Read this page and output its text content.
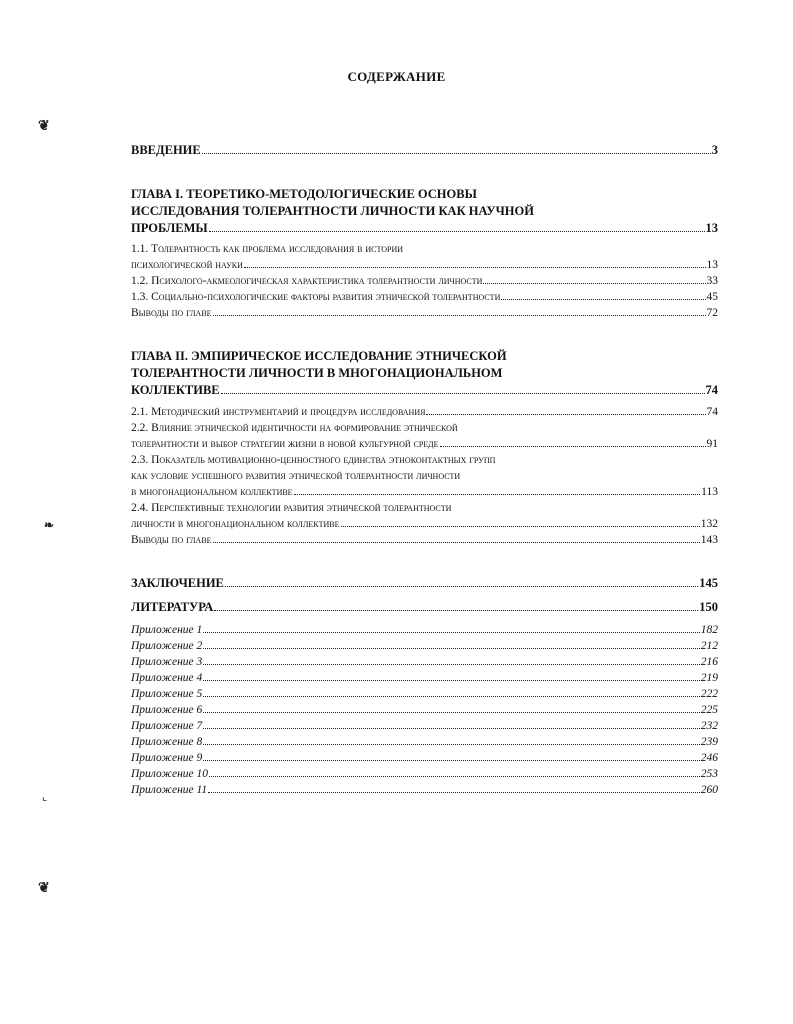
СОДЕРЖАНИЕ
❦
❧
⌞
❦
ВВЕДЕНИЕ	3
ГЛАВА I. ТЕОРЕТИКО-МЕТОДОЛОГИЧЕСКИЕ ОСНОВЫ
ИССЛЕДОВАНИЯ ТОЛЕРАНТНОСТИ ЛИЧНОСТИ КАК НАУЧНОЙ
ПРОБЛЕМЫ	13
1.1. Толерантность как проблема исследования в истории
психологической науки	13
1.2. Психолого-акмеологическая характеристика толерантности личности	33
1.3. Социально-психологические факторы развития этнической толерантности	45
Выводы по главе	72
ГЛАВА II. ЭМПИРИЧЕСКОЕ ИССЛЕДОВАНИЕ ЭТНИЧЕСКОЙ
ТОЛЕРАНТНОСТИ ЛИЧНОСТИ В МНОГОНАЦИОНАЛЬНОМ
КОЛЛЕКТИВЕ	74
2.1. Методический инструментарий и процедура исследования	74
2.2. Влияние этнической идентичности на формирование этнической
толерантности и выбор стратегии жизни в новой культурной среде	91
2.3. Показатель мотивационно-ценностного единства этноконтактных групп
как условие успешного развития этнической толерантности личности
в многонациональном коллективе	113
2.4. Перспективные технологии развития этнической толерантности
личности в многонациональном коллективе	132
Выводы по главе	143
ЗАКЛЮЧЕНИЕ	145
ЛИТЕРАТУРА	150
Приложение 1	182
Приложение 2	212
Приложение 3	216
Приложение 4	219
Приложение 5	222
Приложение 6	225
Приложение 7	232
Приложение 8	239
Приложение 9	246
Приложение 10	253
Приложение 11	260
